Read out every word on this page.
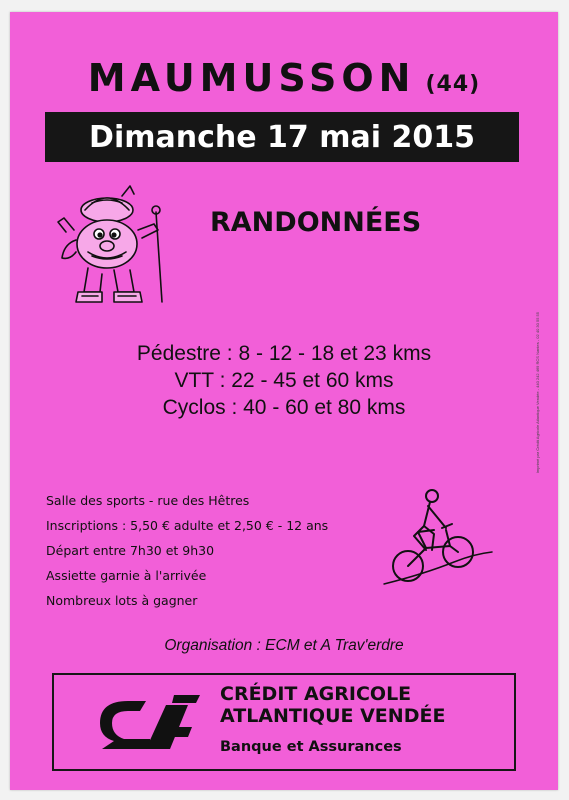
MAUMUSSON (44)
Dimanche 17 mai 2015
RANDONNÉES
Pédestre : 8 - 12 - 18 et 23 kms
VTT : 22 - 45 et 60 kms
Cyclos : 40 - 60 et 80 kms	Imprimé par Crédit Agricole Atlantique Vendée - 440 242 469 RCS Nantes - 02 40 30 55 55
Salle des sports - rue des Hêtres
Inscriptions : 5,50 € adulte et 2,50 € - 12 ans
Départ entre 7h30 et 9h30
Assiette garnie à l'arrivée
Nombreux lots à gagner
Organisation : ECM et A Trav'erdre
CRÉDIT AGRICOLE
ATLANTIQUE VENDÉE
Banque et Assurances
